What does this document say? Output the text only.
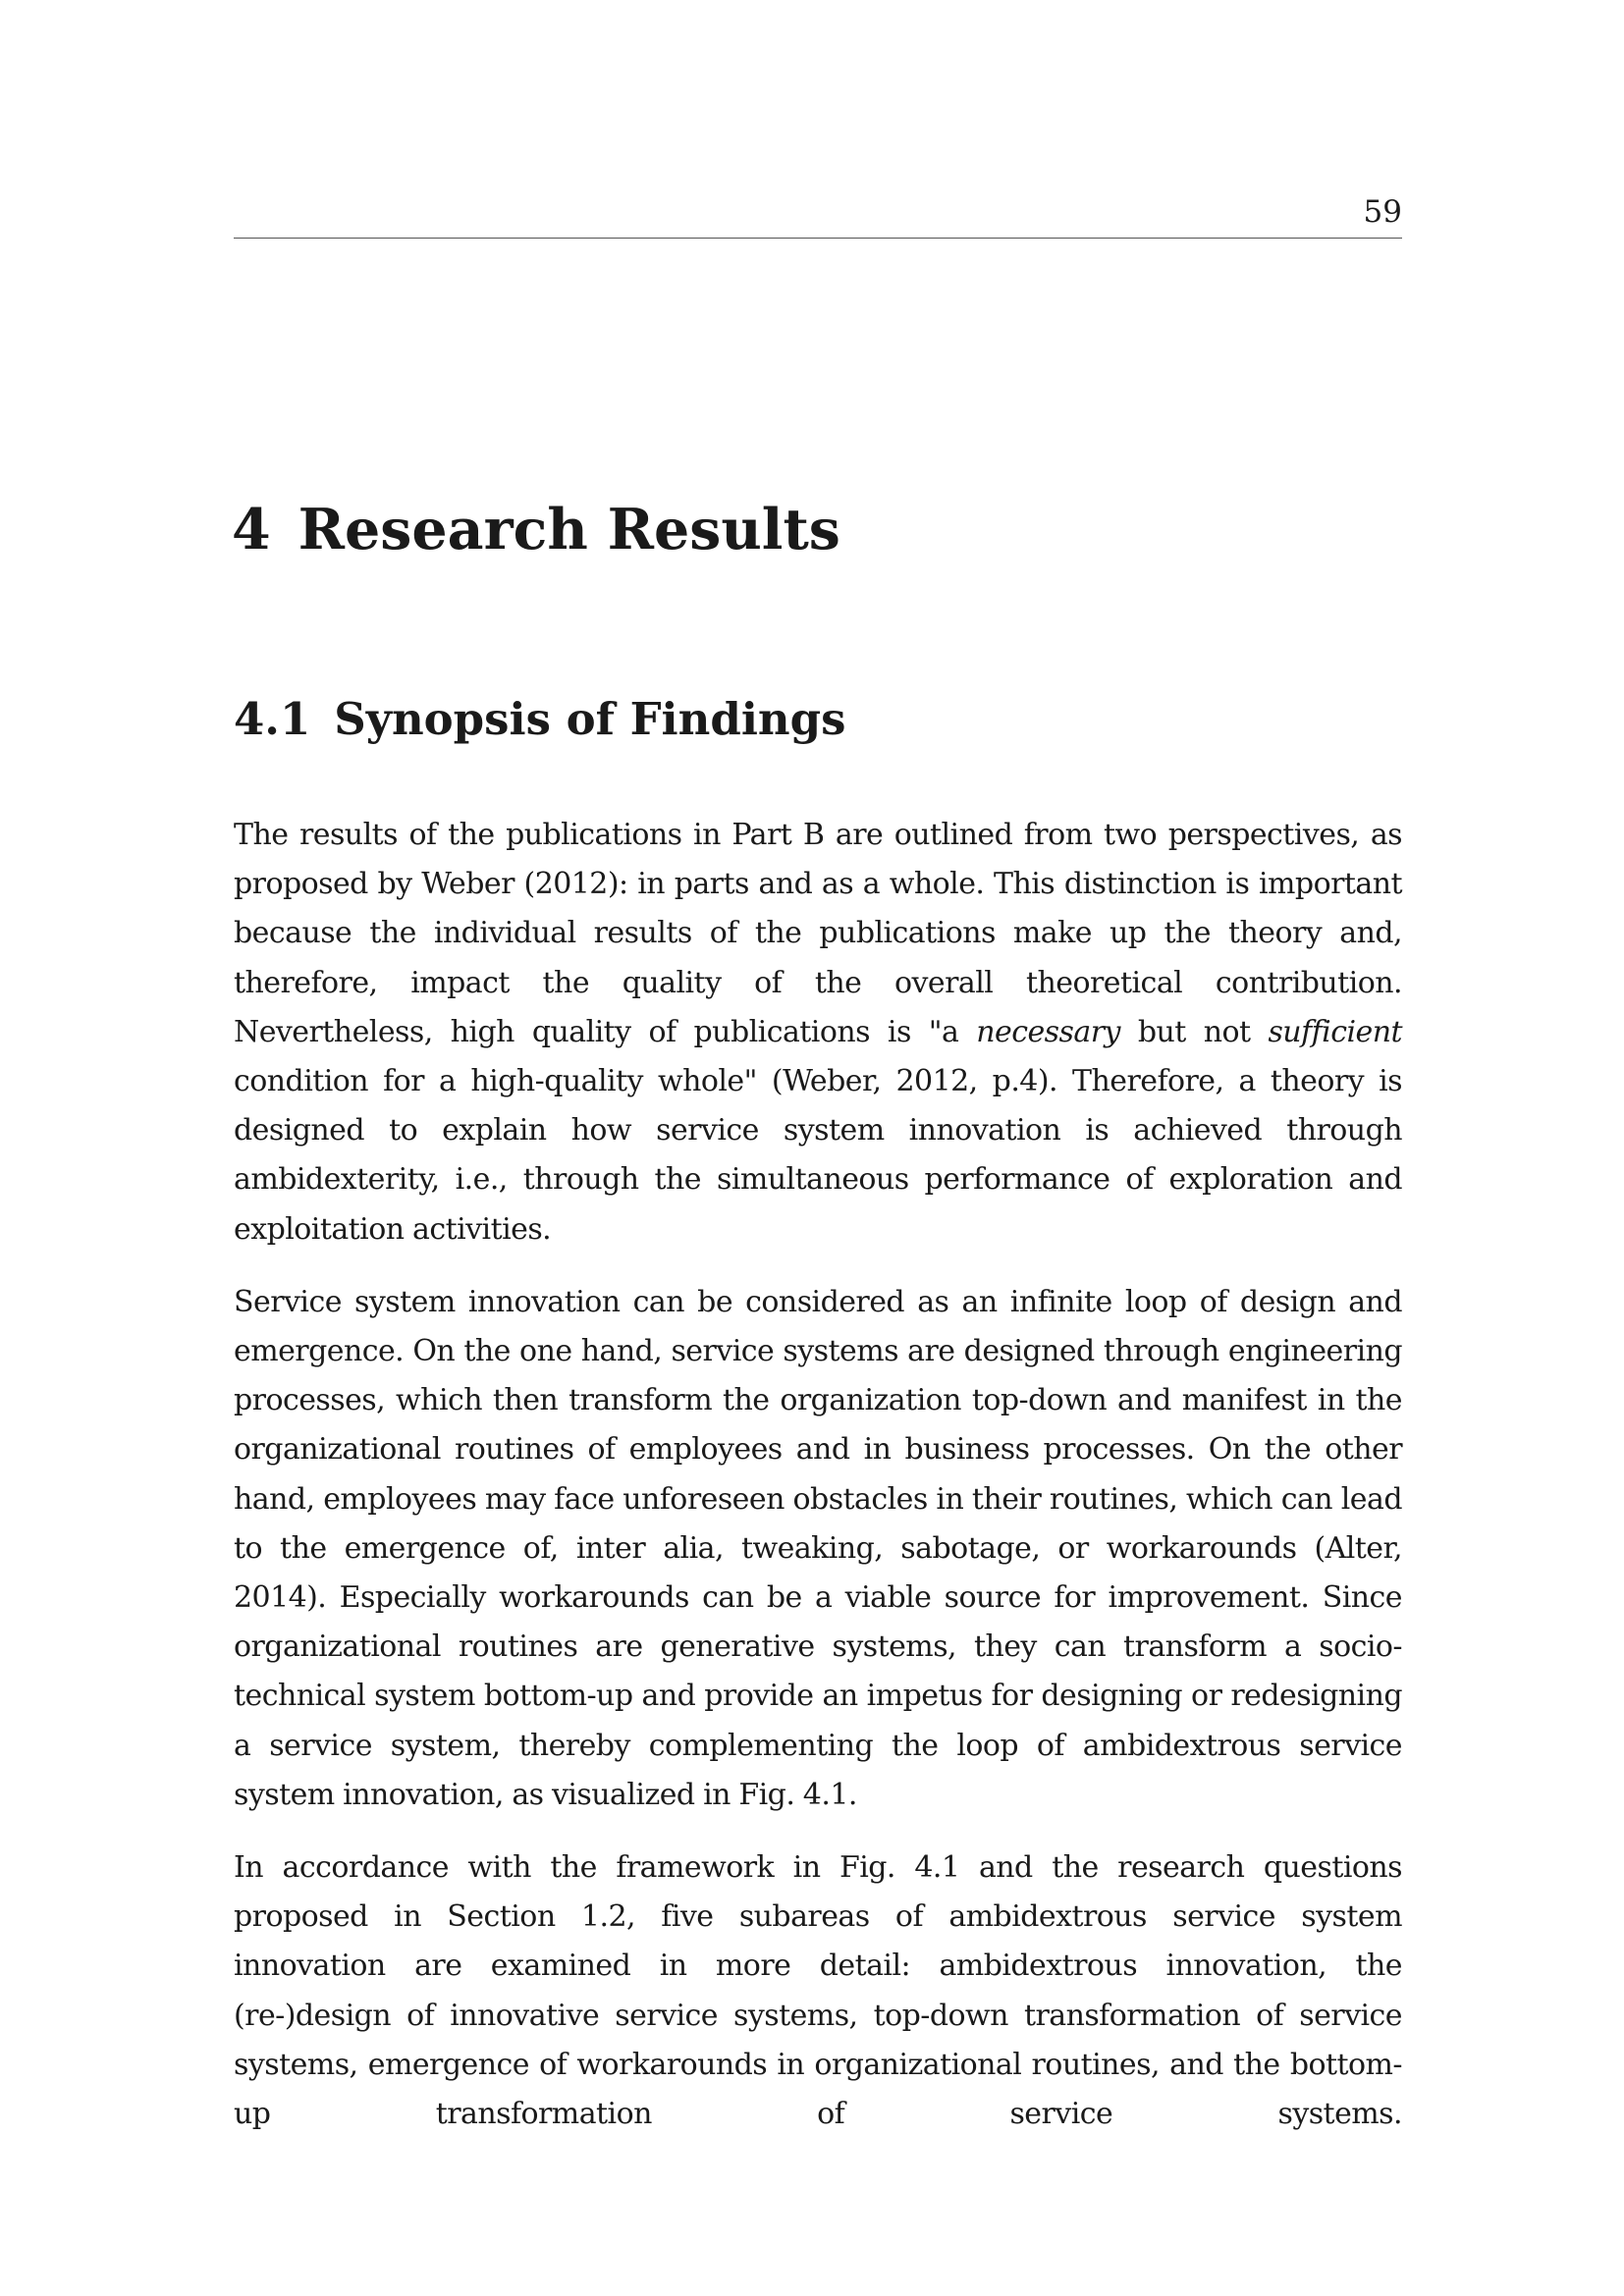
59
4 Research Results
4.1 Synopsis of Findings

The results of the publications in Part B are outlined from two perspectives, as proposed by Weber (2012): in parts and as a whole. This distinction is important because the individual results of the publications make up the theory and, therefore, impact the quality of the overall theoretical contribution. Nevertheless, high quality of publications is "a necessary but not sufficient condition for a high-quality whole" (Weber, 2012, p.4). Therefore, a theory is designed to explain how service system innovation is achieved through ambidexterity, i.e., through the simultaneous performance of exploration and exploitation activities.

Service system innovation can be considered as an infinite loop of design and emergence. On the one hand, service systems are designed through engineering processes, which then transform the organization top-down and manifest in the organizational routines of employees and in business processes. On the other hand, employees may face unforeseen obstacles in their routines, which can lead to the emergence of, inter alia, tweaking, sabotage, or workarounds (Alter, 2014). Especially workarounds can be a viable source for improvement. Since organizational routines are generative systems, they can transform a socio-technical system bottom-up and provide an impetus for designing or redesigning a service system, thereby complementing the loop of ambidextrous service system innovation, as visualized in Fig. 4.1.

In accordance with the framework in Fig. 4.1 and the research questions proposed in Section 1.2, five subareas of ambidextrous service system innovation are examined in more detail: ambidextrous innovation, the (re-)design of innovative service systems, top-down transformation of service systems, emergence of workarounds in organizational routines, and the bottom-up transformation of service systems.
